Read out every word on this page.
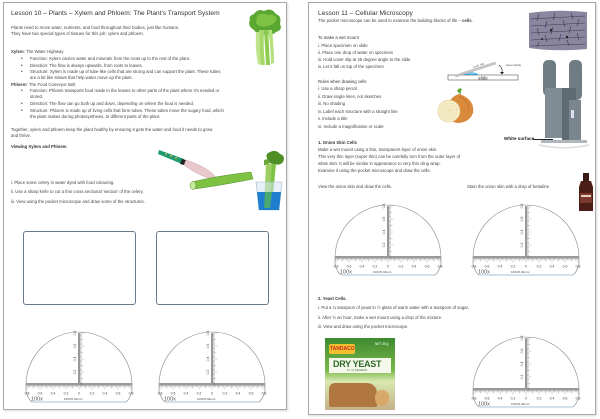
Lesson 10 – Plants – Xylem and Phloem: The Plant's Transport System
Plants need to move water, nutrients, and food throughout their bodies, just like humans.
They have two special types of tissues for this job: xylem and phloem.
Xylem: The Water Highway
• Function: Xylem carries water and minerals from the roots up to the rest of the plant.
• Direction: The flow is always upwards, from roots to leaves.
• Structure: Xylem is made up of tube-like cells that are strong and can support the plant. These tubes
are a bit like straws that help water move up the plant.
Phloem: The Food Conveyor Belt
• Function: Phloem transports food made in the leaves to other parts of the plant where it's needed or
stored.
• Direction: The flow can go both up and down, depending on where the food is needed.
• Structure: Phloem is made up of living cells that form tubes. These tubes move the sugary food, which
the plant makes during photosynthesis, to different parts of the plant.
Together, xylem and phloem keep the plant healthy by ensuring it gets the water and food it needs to grow
and thrive.
Viewing Xylem and Phloem
i. Place some celery in water dyed with food colouring.
ii. Use a sharp knife to cut a thin cross sectional 'section' of the celery.
iii. View using the pocket microscope and draw some of the structures.
0.8 0.6 0.4 0.2	0	0.2 0.4 0.6 0.8
0.2
0.4
0.6
0.8
100x	1DIV/0.02mm
0.8 0.6 0.4 0.2	0	0.2 0.4 0.6 0.8
0.2
0.4
0.6
0.8
100x	1DIV/0.02mm
Lesson 11 – Cellular Microscopy
The pocket microscope can be used to examine the building blocks of life – cells.
To make a wet mount
i. Place specimen on slide
ii. Place one drop of water on specimen
iii. Hold cover slip at 45 degree angle to the slide
iv. Let it fall on top of the specimen
Rules when drawing cells
i. Use a sharp pencil
ii. Draw single lines, not sketches
iii. No shading
iv. Label each structure with a straight line
v. Include a title
vi. Include a magnification or scale
slide
droplet
cover slip	lower slowly
White surface
1. Onion Skin Cells
Make a wet mount using a thin, transparent layer of onion skin.
This very thin layer (super thin) can be carefully torn from the outer layer of
white skin. It will be similar in appearance to very thin cling wrap.
Examine it using the pocket microscope and draw the cells.
View the onion skin and draw the cells.	Stain the onion skin with a drop of betadine
0.8 0.6 0.4 0.2	0	0.2 0.4 0.6 0.8
0.2
0.4
0.6
0.8
100x	1DIV/0.02mm
0.8 0.6 0.4 0.2	0	0.2 0.4 0.6 0.8
0.2
0.4
0.6
0.8
100x	1DIV/0.02mm
2. Yeast Cells.
i. Put a ¼ teaspoon of yeast in ½ glass of warm water with a teaspoon of sugar.
ii. After ½ an hour, make a wet mount using a drop of the mixture.
iii. View and draw using the pocket microscope.
TANDACO
NET 35 g
DRY YEAST
5 x 7g SACHETS
0.8 0.6 0.4 0.2	0	0.2 0.4 0.6 0.8
0.2
0.4
0.6
0.8
100x	1DIV/0.02mm
